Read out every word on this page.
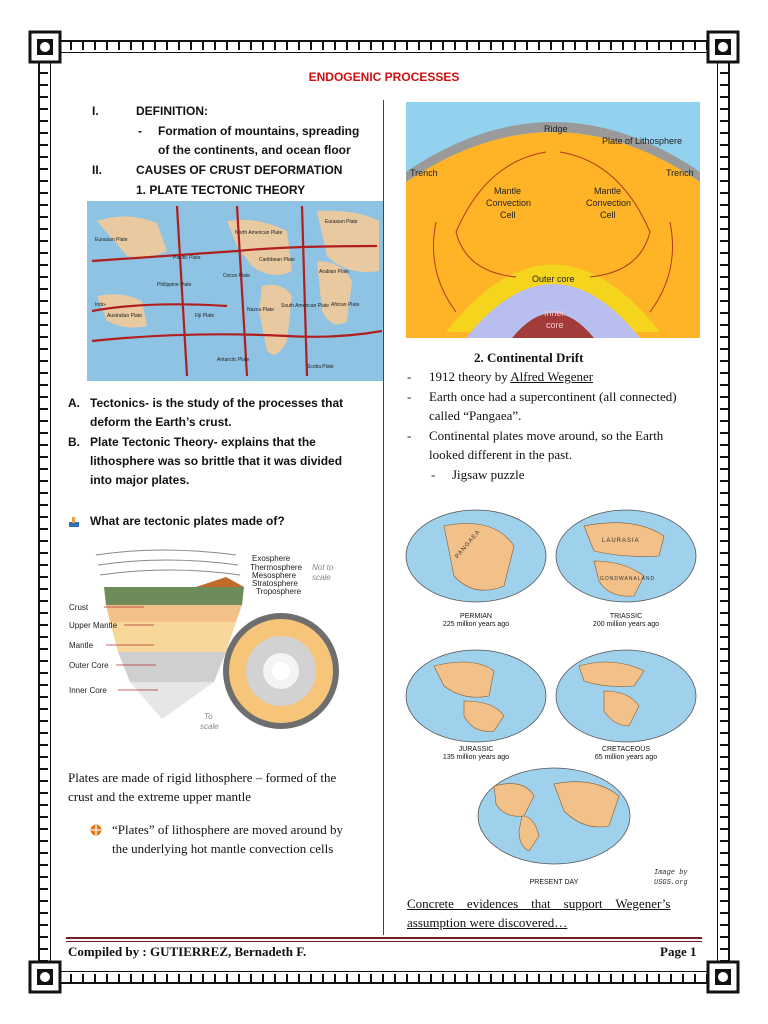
ENDOGENIC PROCESSES
I.	DEFINITION:
- Formation of mountains, spreading
of the continents, and ocean floor
II.	CAUSES OF CRUST DEFORMATION
1. PLATE TECTONIC THEORY
Eurasian Plate
North American Plate
Eurasian Plate
Pacific Plate	Caribbean Plate
Arabian Plate
Philippine Plate
Cocos Plate
Indo-
Australian Plate	Fiji Plate
Nazca Plate
South American Plate African Plate
Antarctic Plate
Scotia Plate
A. Tectonics- is the study of the processes that
deform the Earth’s crust.
B. Plate Tectonic Theory- explains that the
lithosphere was so brittle that it was divided
into major plates.
What are tectonic plates made of?
Exosphere
Thermosphere
Mesosphere
Stratosphere
Troposphere
Not to
scale
Crust
Upper Mantle
Mantle
Outer Core
Inner Core
To
scale
Plates are made of rigid lithosphere – formed of the
crust and the extreme upper mantle
“Plates” of lithosphere are moved around by
the underlying hot mantle convection cells
Ridge
Plate of Lithosphere
Trench	Trench
Mantle
Convection
Cell
Mantle
Convection
Cell
Outer core
Inner
core
2. Continental Drift
- 1912 theory by Alfred Wegener
- Earth once had a supercontinent (all connected)
called “Pangaea”.
- Continental plates move around, so the Earth
looked different in the past.
- Jigsaw puzzle
PANGAEA	LAURASIA
GONDWANALAND
Image by
USGS.org
PERMIAN
225 million years ago
TRIASSIC
200 million years ago
JURASSIC
135 million years ago
CRETACEOUS
65 million years ago
PRESENT DAY
Concrete    evidences    that    support    Wegener’s
assumption were discovered…
Compiled by : GUTIERREZ, Bernadeth F.	Page 1
